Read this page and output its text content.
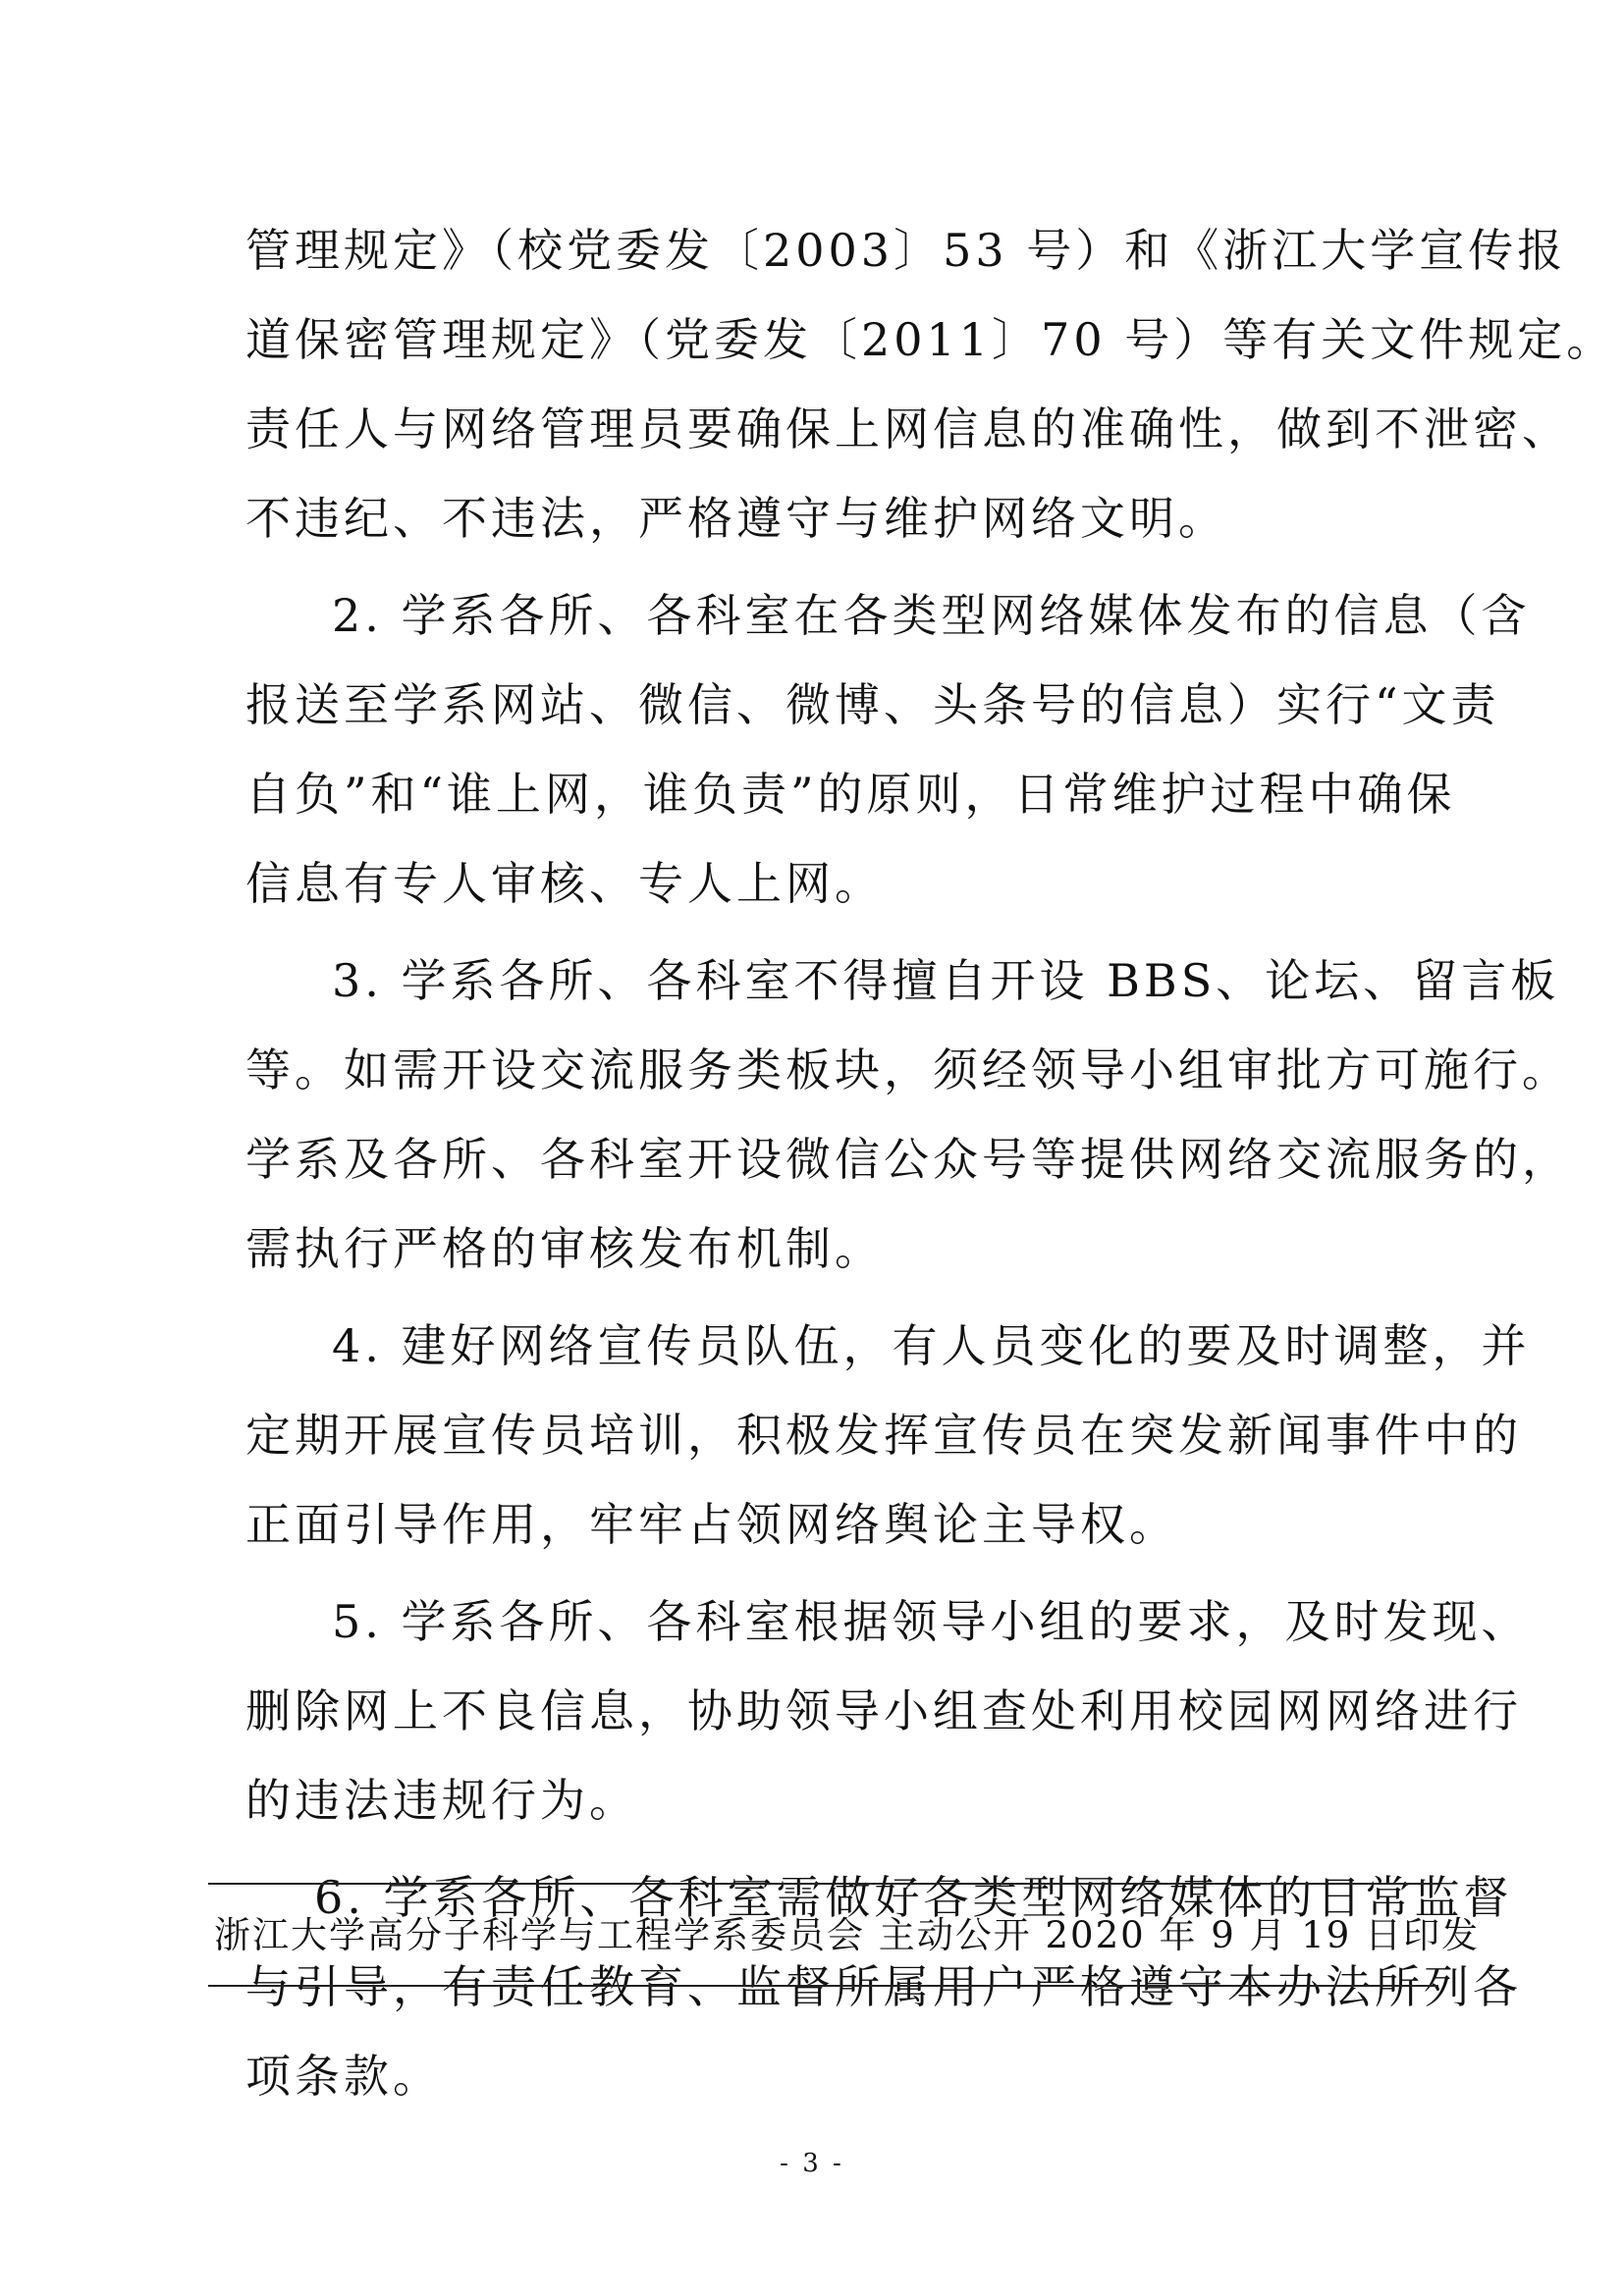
管理规定》（校党委发〔2003〕53 号）和《浙江大学宣传报
道保密管理规定》（党委发〔2011〕70 号）等有关文件规定。
责任人与网络管理员要确保上网信息的准确性，做到不泄密、
不违纪、不违法，严格遵守与维护网络文明。

2. 学系各所、各科室在各类型网络媒体发布的信息（含
报送至学系网站、微信、微博、头条号的信息）实行“文责
自负”和“谁上网，谁负责”的原则，日常维护过程中确保
信息有专人审核、专人上网。

3. 学系各所、各科室不得擅自开设 BBS、论坛、留言板
等。如需开设交流服务类板块，须经领导小组审批方可施行。
学系及各所、各科室开设微信公众号等提供网络交流服务的，
需执行严格的审核发布机制。

4. 建好网络宣传员队伍，有人员变化的要及时调整，并
定期开展宣传员培训，积极发挥宣传员在突发新闻事件中的
正面引导作用，牢牢占领网络舆论主导权。

5. 学系各所、各科室根据领导小组的要求，及时发现、
删除网上不良信息，协助领导小组查处利用校园网网络进行
的违法违规行为。

6. 学系各所、各科室需做好各类型网络媒体的日常监督
与引导，有责任教育、监督所属用户严格遵守本办法所列各
项条款。

浙江大学高分子科学与工程学系委员会 主动公开 2020 年 9 月 19 日印发
- 3 -
